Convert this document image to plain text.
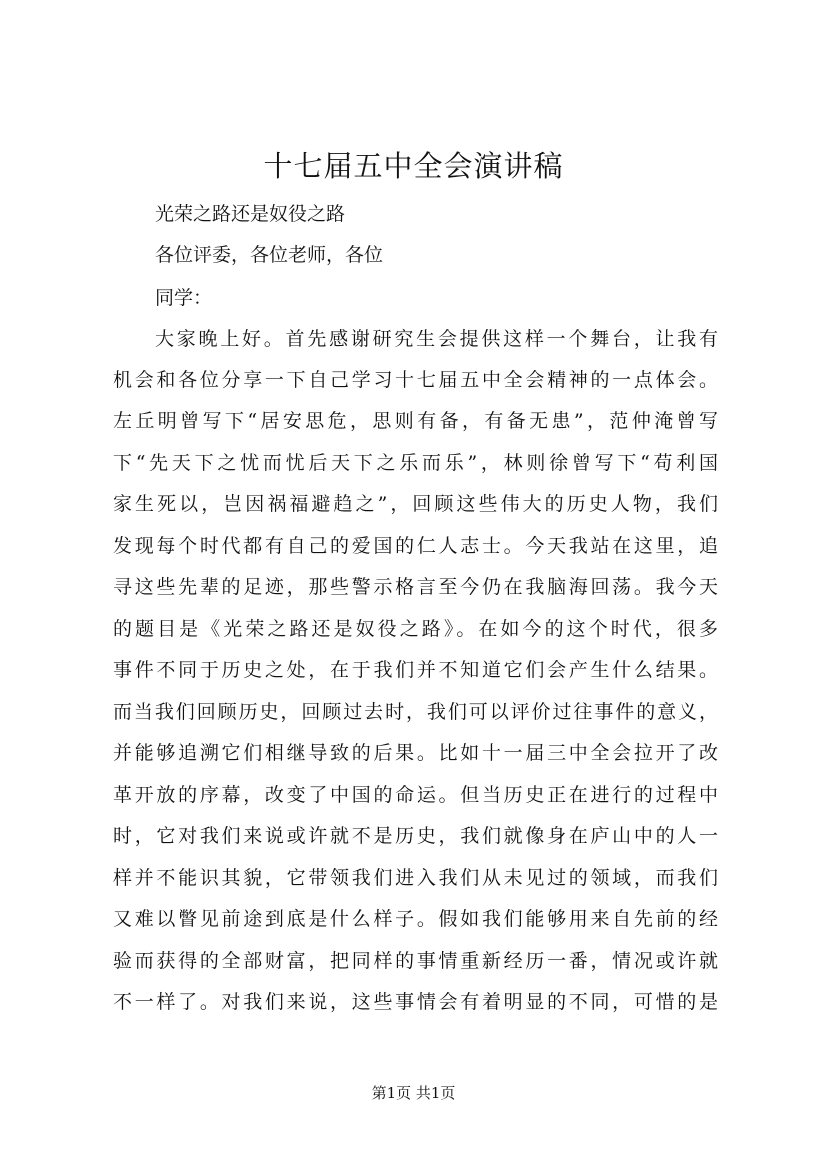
十七届五中全会演讲稿

光荣之路还是奴役之路

各位评委，各位老师，各位

同学：

大家晚上好。首先感谢研究生会提供这样一个舞台，让我有

机会和各位分享一下自己学习十七届五中全会精神的一点体会。

左丘明曾写下“居安思危，思则有备，有备无患”，范仲淹曾写

下“先天下之忧而忧后天下之乐而乐”，林则徐曾写下“苟利国

家生死以，岂因祸福避趋之”，回顾这些伟大的历史人物，我们

发现每个时代都有自己的爱国的仁人志士。今天我站在这里，追

寻这些先辈的足迹，那些警示格言至今仍在我脑海回荡。我今天

的题目是《光荣之路还是奴役之路》。在如今的这个时代，很多

事件不同于历史之处，在于我们并不知道它们会产生什么结果。

而当我们回顾历史，回顾过去时，我们可以评价过往事件的意义，

并能够追溯它们相继导致的后果。比如十一届三中全会拉开了改

革开放的序幕，改变了中国的命运。但当历史正在进行的过程中

时，它对我们来说或许就不是历史，我们就像身在庐山中的人一

样并不能识其貌，它带领我们进入我们从未见过的领域，而我们

又难以瞥见前途到底是什么样子。假如我们能够用来自先前的经

验而获得的全部财富，把同样的事情重新经历一番，情况或许就

不一样了。对我们来说，这些事情会有着明显的不同，可惜的是

第1页 共1页
